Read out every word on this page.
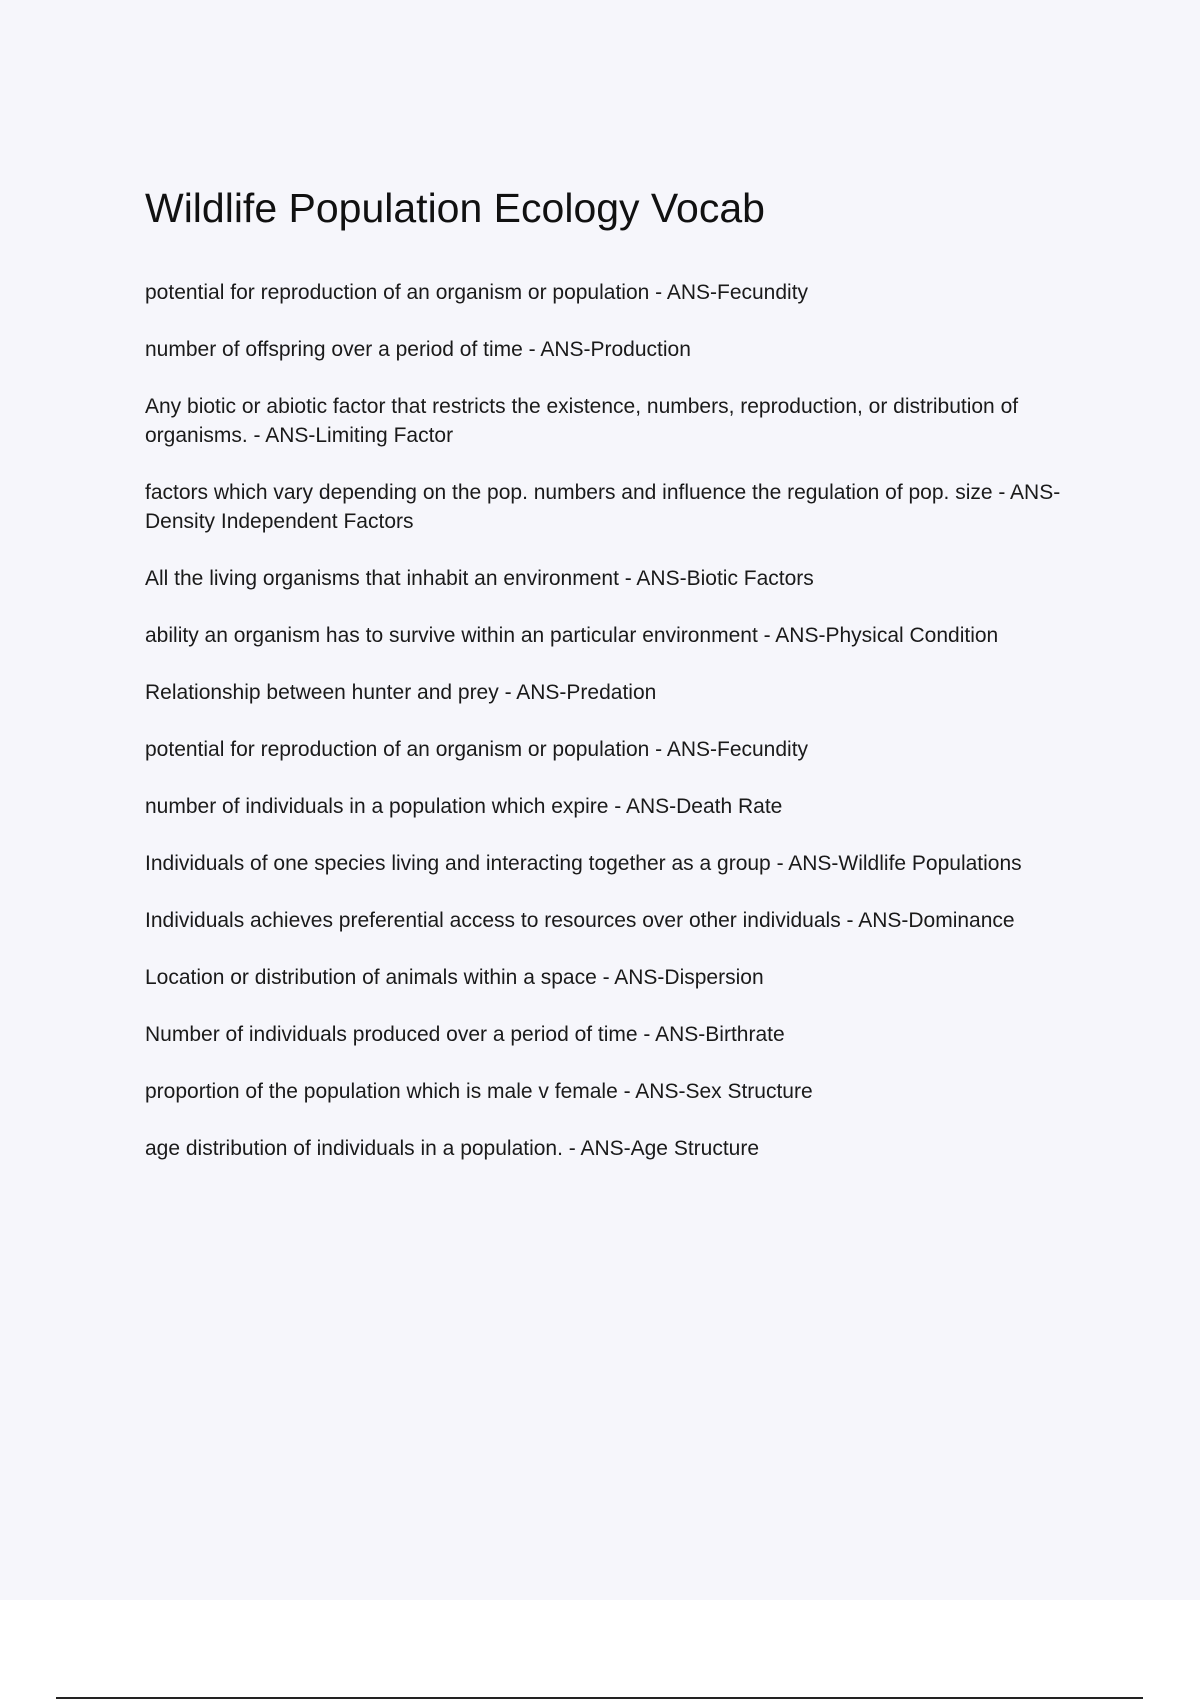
Wildlife Population Ecology Vocab

potential for reproduction of an organism or population - ANS-Fecundity

number of offspring over a period of time - ANS-Production

Any biotic or abiotic factor that restricts the existence, numbers, reproduction, or distribution of organisms. - ANS-Limiting Factor

factors which vary depending on the pop. numbers and influence the regulation of pop. size - ANS-Density Independent Factors

All the living organisms that inhabit an environment - ANS-Biotic Factors

ability an organism has to survive within an particular environment - ANS-Physical Condition

Relationship between hunter and prey - ANS-Predation

potential for reproduction of an organism or population - ANS-Fecundity

number of individuals in a population which expire - ANS-Death Rate

Individuals of one species living and interacting together as a group - ANS-Wildlife Populations

Individuals achieves preferential access to resources over other individuals - ANS-Dominance

Location or distribution of animals within a space - ANS-Dispersion

Number of individuals produced over a period of time - ANS-Birthrate

proportion of the population which is male v female - ANS-Sex Structure

age distribution of individuals in a population. - ANS-Age Structure
